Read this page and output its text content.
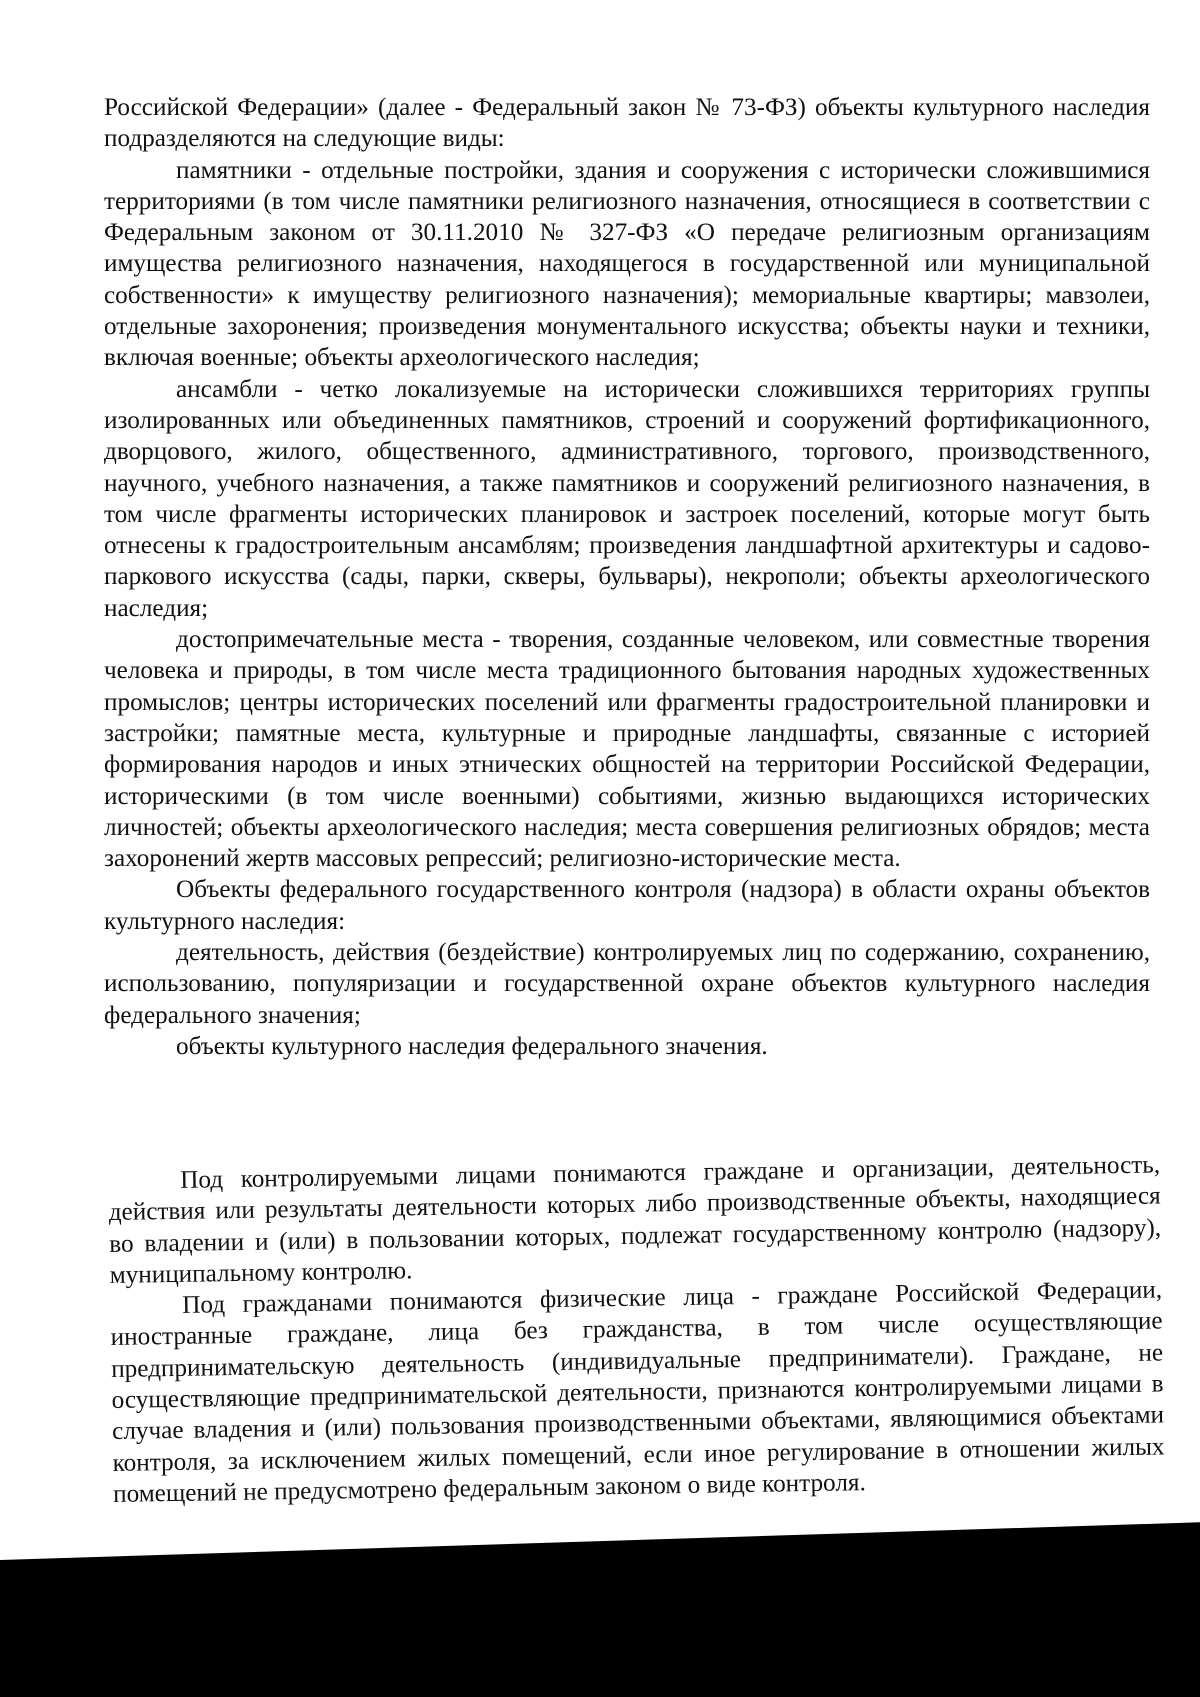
Российской Федерации» (далее - Федеральный закон № 73-ФЗ) объекты культурного наследия подразделяются на следующие виды:

памятники - отдельные постройки, здания и сооружения с исторически сложившимися территориями (в том числе памятники религиозного назначения, относящиеся в соответствии с Федеральным законом от 30.11.2010 № 327-ФЗ «О передаче религиозным организациям имущества религиозного назначения, находящегося в государственной или муниципальной собственности» к имуществу религиозного назначения); мемориальные квартиры; мавзолеи, отдельные захоронения; произведения монументального искусства; объекты науки и техники, включая военные; объекты археологического наследия;

ансамбли - четко локализуемые на исторически сложившихся территориях группы изолированных или объединенных памятников, строений и сооружений фортификационного, дворцового, жилого, общественного, административного, торгового, производственного, научного, учебного назначения, а также памятников и сооружений религиозного назначения, в том числе фрагменты исторических планировок и застроек поселений, которые могут быть отнесены к градостроительным ансамблям; произведения ландшафтной архитектуры и садово-паркового искусства (сады, парки, скверы, бульвары), некрополи; объекты археологического наследия;

достопримечательные места - творения, созданные человеком, или совместные творения человека и природы, в том числе места традиционного бытования народных художественных промыслов; центры исторических поселений или фрагменты градостроительной планировки и застройки; памятные места, культурные и природные ландшафты, связанные с историей формирования народов и иных этнических общностей на территории Российской Федерации, историческими (в том числе военными) событиями, жизнью выдающихся исторических личностей; объекты археологического наследия; места совершения религиозных обрядов; места захоронений жертв массовых репрессий; религиозно-исторические места.

Объекты федерального государственного контроля (надзора) в области охраны объектов культурного наследия:

деятельность, действия (бездействие) контролируемых лиц по содержанию, сохранению, использованию, популяризации и государственной охране объектов культурного наследия федерального значения;

объекты культурного наследия федерального значения.

Под контролируемыми лицами понимаются граждане и организации, деятельность, действия или результаты деятельности которых либо производственные объекты, находящиеся во владении и (или) в пользовании которых, подлежат государственному контролю (надзору), муниципальному контролю.

Под гражданами понимаются физические лица - граждане Российской Федерации, иностранные граждане, лица без гражданства, в том числе осуществляющие предпринимательскую деятельность (индивидуальные предприниматели). Граждане, не осуществляющие предпринимательской деятельности, признаются контролируемыми лицами в случае владения и (или) пользования производственными объектами, являющимися объектами контроля, за исключением жилых помещений, если иное регулирование в отношении жилых помещений не предусмотрено федеральным законом о виде контроля.
